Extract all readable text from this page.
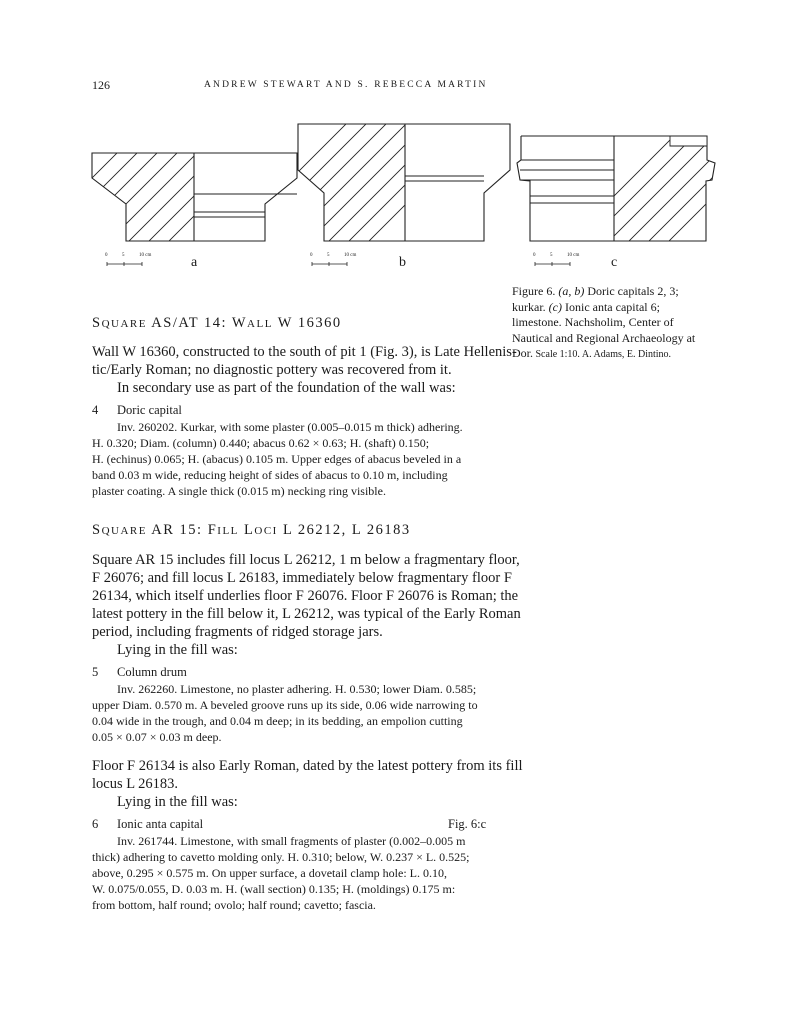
126	ANDREW STEWART AND S. REBECCA MARTIN
0	5	10 cm	0	5	10 cm	0	5	10 cm
a	b	c
Figure 6. (a, b) Doric capitals 2, 3; kurkar. (c) Ionic anta capital 6; limestone. Nachsholim, Center of Nautical and Regional Archaeology at Dor. Scale 1:10. A. Adams, E. Dintino.
SQUARE AS/AT 14: WALL W 16360
Wall W 16360, constructed to the south of pit 1 (Fig. 3), is Late Hellenis-
tic/Early Roman; no diagnostic pottery was recovered from it.
In secondary use as part of the foundation of the wall was:
4 Doric capital
Inv. 260202. Kurkar, with some plaster (0.005–0.015 m thick) adhering.
H. 0.320; Diam. (column) 0.440; abacus 0.62 × 0.63; H. (shaft) 0.150;
H. (echinus) 0.065; H. (abacus) 0.105 m. Upper edges of abacus beveled in a
band 0.03 m wide, reducing height of sides of abacus to 0.10 m, including
plaster coating. A single thick (0.015 m) necking ring visible.
SQUARE AR 15: FILL LOCI L 26212, L 26183
Square AR 15 includes fill locus L 26212, 1 m below a fragmentary floor,
F 26076; and fill locus L 26183, immediately below fragmentary floor F
26134, which itself underlies floor F 26076. Floor F 26076 is Roman; the
latest pottery in the fill below it, L 26212, was typical of the Early Roman
period, including fragments of ridged storage jars.
Lying in the fill was:
5 Column drum
Inv. 262260. Limestone, no plaster adhering. H. 0.530; lower Diam. 0.585;
upper Diam. 0.570 m. A beveled groove runs up its side, 0.06 wide narrowing to
0.04 wide in the trough, and 0.04 m deep; in its bedding, an empolion cutting
0.05 × 0.07 × 0.03 m deep.
Floor F 26134 is also Early Roman, dated by the latest pottery from its fill
locus L 26183.
Lying in the fill was:
6 Ionic anta capital	Fig. 6:c
Inv. 261744. Limestone, with small fragments of plaster (0.002–0.005 m
thick) adhering to cavetto molding only. H. 0.310; below, W. 0.237 × L. 0.525;
above, 0.295 × 0.575 m. On upper surface, a dovetail clamp hole: L. 0.10,
W. 0.075/0.055, D. 0.03 m. H. (wall section) 0.135; H. (moldings) 0.175 m:
from bottom, half round; ovolo; half round; cavetto; fascia.
